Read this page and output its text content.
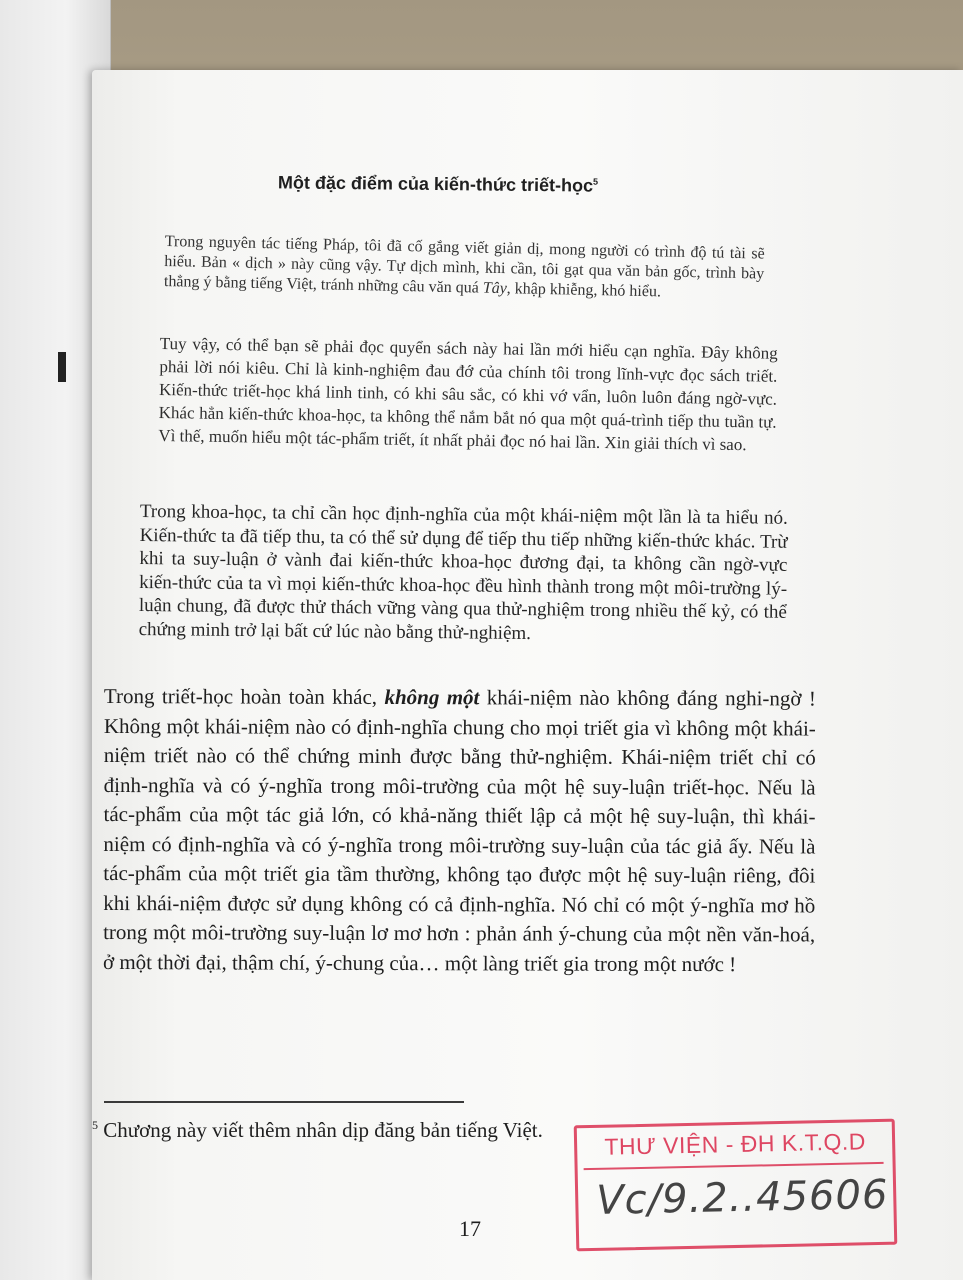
Một đặc điểm của kiến-thức triết-học$^5$

Trong nguyên tác tiếng Pháp, tôi đã cố gắng viết giản dị, mong người có trình độ tú tài sẽ hiểu. Bản « dịch » này cũng vậy. Tự dịch mình, khi cần, tôi gạt qua văn bản gốc, trình bày thẳng ý bằng tiếng Việt, tránh những câu văn quá Tây, khập khiễng, khó hiểu.

Tuy vậy, có thể bạn sẽ phải đọc quyển sách này hai lần mới hiểu cạn nghĩa. Đây không phải lời nói kiêu. Chỉ là kinh-nghiệm đau đớ của chính tôi trong lĩnh-vực đọc sách triết. Kiến-thức triết-học khá linh tinh, có khi sâu sắc, có khi vớ vẩn, luôn luôn đáng ngờ-vực. Khác hẳn kiến-thức khoa-học, ta không thể nắm bắt nó qua một quá-trình tiếp thu tuần tự. Vì thế, muốn hiểu một tác-phẩm triết, ít nhất phải đọc nó hai lần. Xin giải thích vì sao.

Trong khoa-học, ta chỉ cần học định-nghĩa của một khái-niệm một lần là ta hiểu nó. Kiến-thức ta đã tiếp thu, ta có thể sử dụng để tiếp thu tiếp những kiến-thức khác. Trừ khi ta suy-luận ở vành đai kiến-thức khoa-học đương đại, ta không cần ngờ-vực kiến-thức của ta vì mọi kiến-thức khoa-học đều hình thành trong một môi-trường lý-luận chung, đã được thử thách vững vàng qua thử-nghiệm trong nhiều thế kỷ, có thể chứng minh trở lại bất cứ lúc nào bằng thử-nghiệm.

Trong triết-học hoàn toàn khác, không một khái-niệm nào không đáng nghi-ngờ ! Không một khái-niệm nào có định-nghĩa chung cho mọi triết gia vì không một khái-niệm triết nào có thể chứng minh được bằng thử-nghiệm. Khái-niệm triết chỉ có định-nghĩa và có ý-nghĩa trong môi-trường của một hệ suy-luận triết-học. Nếu là tác-phẩm của một tác giả lớn, có khả-năng thiết lập cả một hệ suy-luận, thì khái-niệm có định-nghĩa và có ý-nghĩa trong môi-trường suy-luận của tác giả ấy. Nếu là tác-phẩm của một triết gia tầm thường, không tạo được một hệ suy-luận riêng, đôi khi khái-niệm được sử dụng không có cả định-nghĩa. Nó chỉ có một ý-nghĩa mơ hồ trong một môi-trường suy-luận lơ mơ hơn : phản ánh ý-chung của một nền văn-hoá, ở một thời đại, thậm chí, ý-chung của… một làng triết gia trong một nước !

$^5$ Chương này viết thêm nhân dịp đăng bản tiếng Việt.
17
THƯ VIỆN - ĐH K.T.Q.D
Vc/9.2..45606
